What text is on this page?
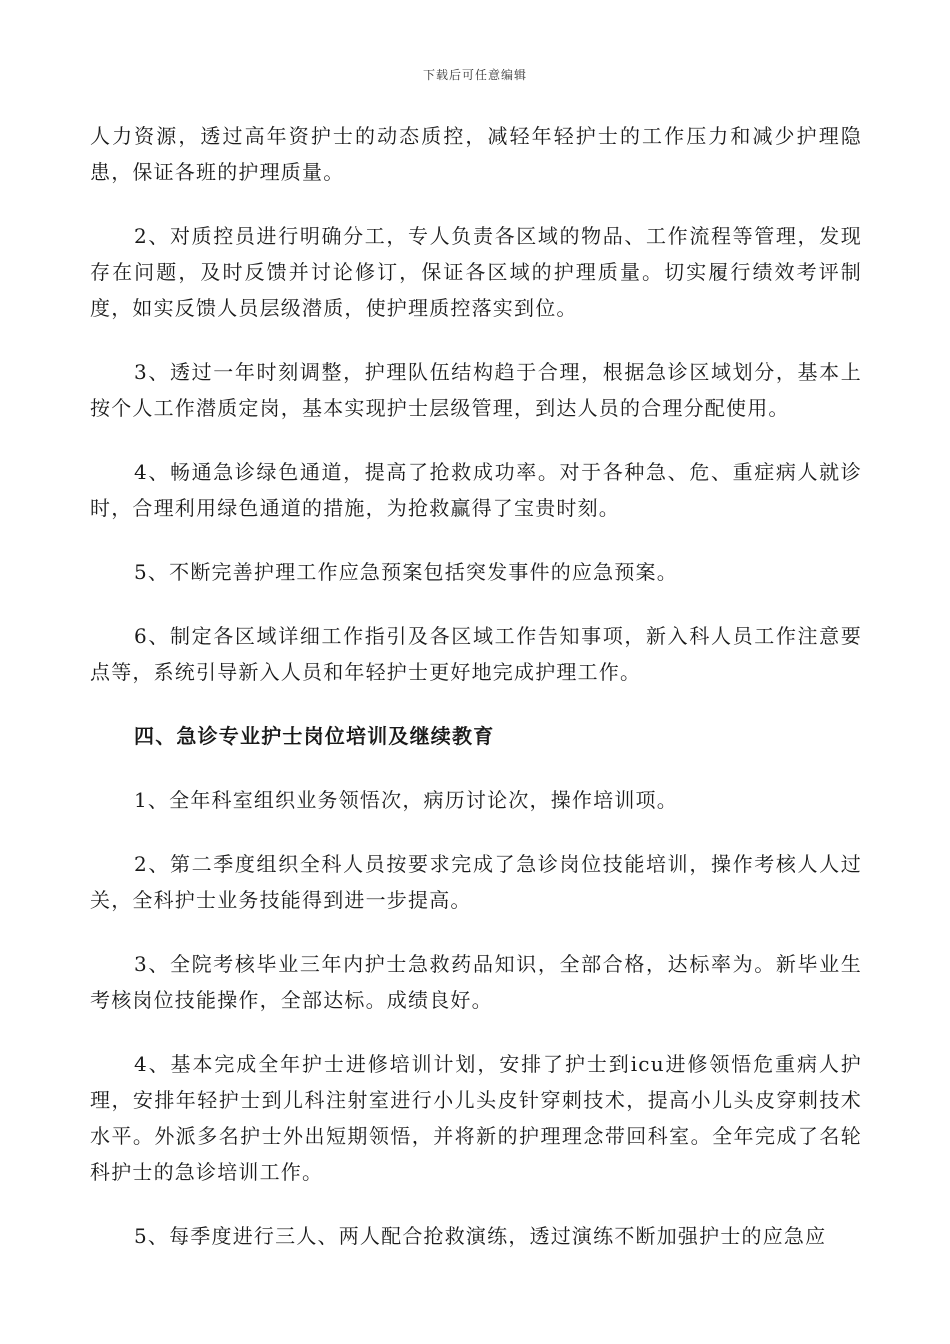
下载后可任意编辑

人力资源，透过高年资护士的动态质控，减轻年轻护士的工作压力和减少护理隐患，保证各班的护理质量。

2、对质控员进行明确分工，专人负责各区域的物品、工作流程等管理，发现存在问题，及时反馈并讨论修订，保证各区域的护理质量。切实履行绩效考评制度，如实反馈人员层级潜质，使护理质控落实到位。

3、透过一年时刻调整，护理队伍结构趋于合理，根据急诊区域划分，基本上按个人工作潜质定岗，基本实现护士层级管理，到达人员的合理分配使用。

4、畅通急诊绿色通道，提高了抢救成功率。对于各种急、危、重症病人就诊时，合理利用绿色通道的措施，为抢救赢得了宝贵时刻。

5、不断完善护理工作应急预案包括突发事件的应急预案。

6、制定各区域详细工作指引及各区域工作告知事项，新入科人员工作注意要点等，系统引导新入人员和年轻护士更好地完成护理工作。

四、急诊专业护士岗位培训及继续教育

1、全年科室组织业务领悟次，病历讨论次，操作培训项。

2、第二季度组织全科人员按要求完成了急诊岗位技能培训，操作考核人人过关，全科护士业务技能得到进一步提高。

3、全院考核毕业三年内护士急救药品知识，全部合格，达标率为。新毕业生考核岗位技能操作，全部达标。成绩良好。

4、基本完成全年护士进修培训计划，安排了护士到icu进修领悟危重病人护理，安排年轻护士到儿科注射室进行小儿头皮针穿刺技术，提高小儿头皮穿刺技术水平。外派多名护士外出短期领悟，并将新的护理理念带回科室。全年完成了名轮科护士的急诊培训工作。

5、每季度进行三人、两人配合抢救演练，透过演练不断加强护士的应急应
